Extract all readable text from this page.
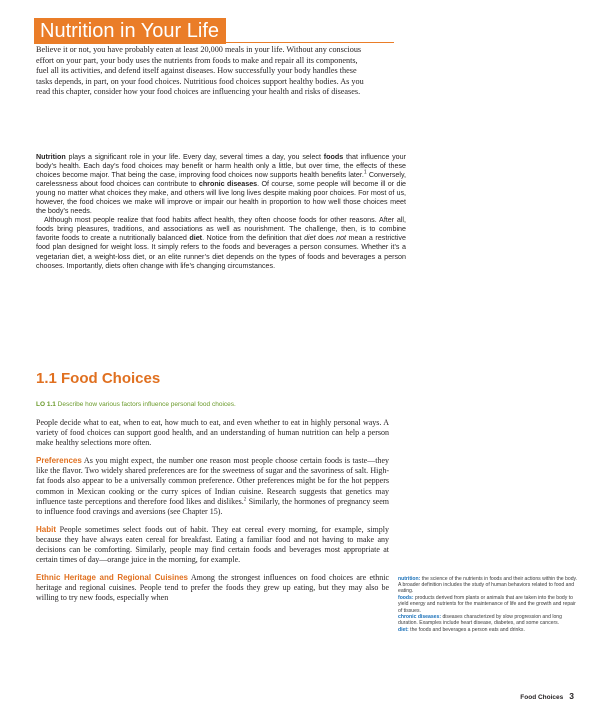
Nutrition in Your Life

Believe it or not, you have probably eaten at least 20,000 meals in your life. Without any conscious effort on your part, your body uses the nutrients from foods to make and repair all its components, fuel all its activities, and defend itself against diseases. How successfully your body handles these tasks depends, in part, on your food choices. Nutritious food choices support healthy bodies. As you read this chapter, consider how your food choices are influencing your health and risks of diseases.

Nutrition plays a significant role in your life. Every day, several times a day, you select foods that influence your body’s health. Each day’s food choices may benefit or harm health only a little, but over time, the effects of these choices become major. That being the case, improving food choices now supports health benefits later.$^1$ Conversely, carelessness about food choices can contribute to chronic diseases. Of course, some people will become ill or die young no matter what choices they make, and others will live long lives despite making poor choices. For most of us, however, the food choices we make will improve or impair our health in proportion to how well those choices meet the body’s needs.

Although most people realize that food habits affect health, they often choose foods for other reasons. After all, foods bring pleasures, traditions, and associations as well as nourishment. The challenge, then, is to combine favorite foods to create a nutritionally balanced diet. Notice from the definition that diet does not mean a restrictive food plan designed for weight loss. It simply refers to the foods and beverages a person consumes. Whether it’s a vegetarian diet, a weight-loss diet, or an elite runner’s diet depends on the types of foods and beverages a person chooses. Importantly, diets often change with life’s changing circumstances.

1.1 Food Choices

LO 1.1 Describe how various factors influence personal food choices.

People decide what to eat, when to eat, how much to eat, and even whether to eat in highly personal ways. A variety of food choices can support good health, and an understanding of human nutrition can help a person make healthy selections more often.

Preferences As you might expect, the number one reason most people choose certain foods is taste—they like the flavor. Two widely shared preferences are for the sweetness of sugar and the savoriness of salt. High-fat foods also appear to be a universally common preference. Other preferences might be for the hot peppers common in Mexican cooking or the curry spices of Indian cuisine. Research suggests that genetics may influence taste perceptions and therefore food likes and dislikes.$^2$ Similarly, the hormones of pregnancy seem to influence food cravings and aversions (see Chapter 15).

Habit People sometimes select foods out of habit. They eat cereal every morning, for example, simply because they have always eaten cereal for breakfast. Eating a familiar food and not having to make any decisions can be comforting. Similarly, people may find certain foods and beverages most appropriate at certain times of day—orange juice in the morning, for example.

Ethnic Heritage and Regional Cuisines Among the strongest influences on food choices are ethnic heritage and regional cuisines. People tend to prefer the foods they grew up eating, but they may also be willing to try new foods, especially when

nutrition: the science of the nutrients in foods and their actions within the body. A broader definition includes the study of human behaviors related to food and eating.

foods: products derived from plants or animals that are taken into the body to yield energy and nutrients for the maintenance of life and the growth and repair of tissues.

chronic diseases: diseases characterized by slow progression and long duration. Examples include heart disease, diabetes, and some cancers.

diet: the foods and beverages a person eats and drinks.

Food Choices 3
